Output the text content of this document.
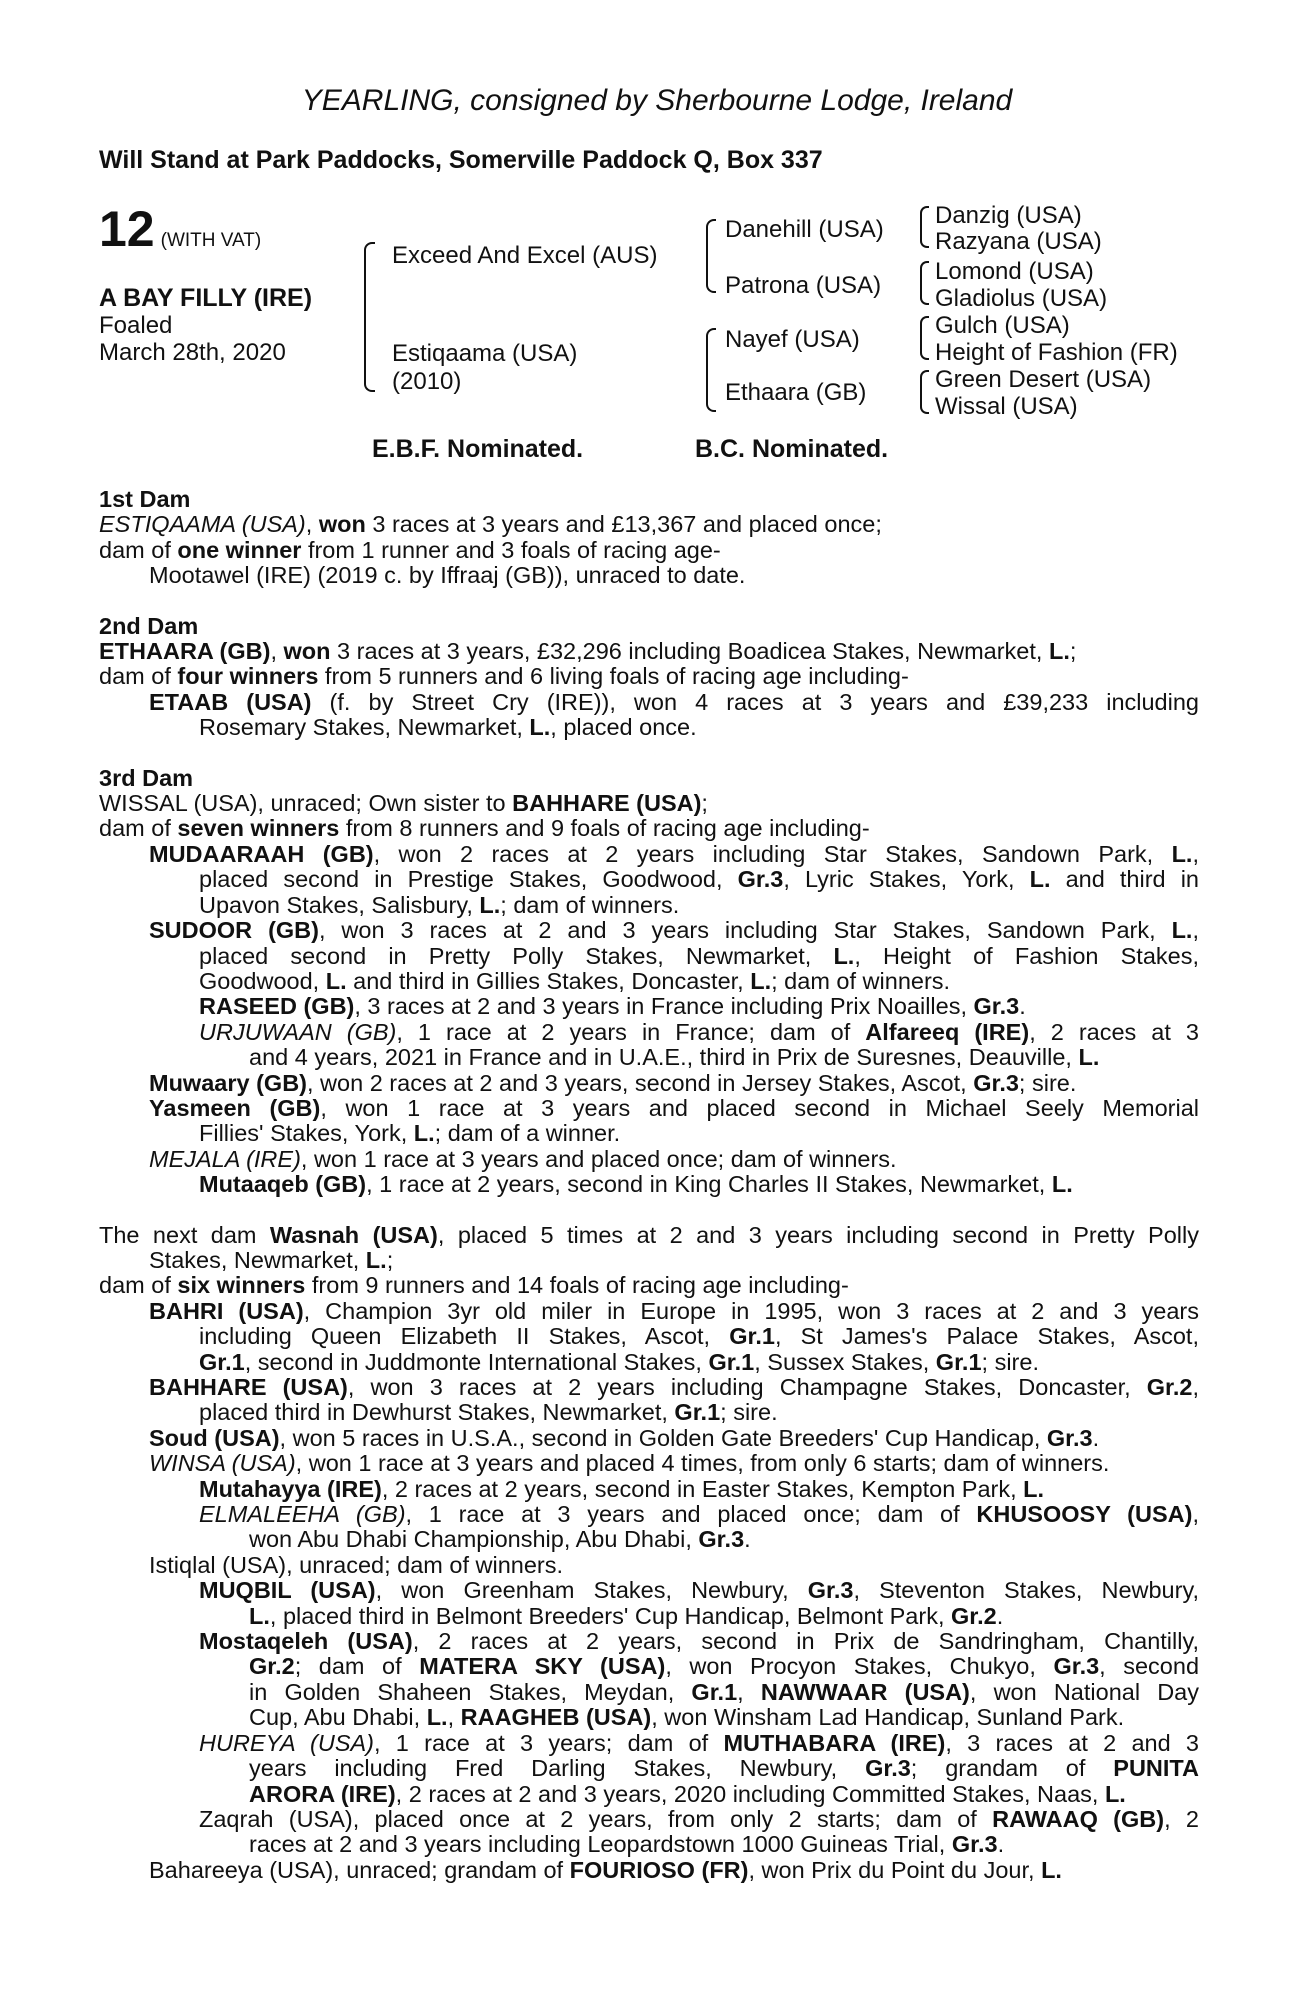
YEARLING, consigned by Sherbourne Lodge, Ireland
Will Stand at Park Paddocks, Somerville Paddock Q, Box 337
12 (WITH VAT)
A BAY FILLY (IRE)
Foaled
March 28th, 2020
Exceed And Excel (AUS)
Estiqaama (USA)
(2010)
Danehill (USA)
Patrona (USA)
Nayef (USA)
Ethaara (GB)
Danzig (USA)
Razyana (USA)
Lomond (USA)
Gladiolus (USA)
Gulch (USA)
Height of Fashion (FR)
Green Desert (USA)
Wissal (USA)
E.B.F. Nominated.	B.C. Nominated.
1st Dam
ESTIQAAMA (USA), won 3 races at 3 years and £13,367 and placed once;
dam of one winner from 1 runner and 3 foals of racing age-
Mootawel (IRE) (2019 c. by Iffraaj (GB)), unraced to date.
2nd Dam
ETHAARA (GB), won 3 races at 3 years, £32,296 including Boadicea Stakes, Newmarket, L.;
dam of four winners from 5 runners and 6 living foals of racing age including-
ETAAB (USA) (f. by Street Cry (IRE)), won 4 races at 3 years and £39,233 including
Rosemary Stakes, Newmarket, L., placed once.
3rd Dam
WISSAL (USA), unraced; Own sister to BAHHARE (USA);
dam of seven winners from 8 runners and 9 foals of racing age including-
MUDAARAAH (GB), won 2 races at 2 years including Star Stakes, Sandown Park, L.,
placed second in Prestige Stakes, Goodwood, Gr.3, Lyric Stakes, York, L. and third in
Upavon Stakes, Salisbury, L.; dam of winners.
SUDOOR (GB), won 3 races at 2 and 3 years including Star Stakes, Sandown Park, L.,
placed second in Pretty Polly Stakes, Newmarket, L., Height of Fashion Stakes,
Goodwood, L. and third in Gillies Stakes, Doncaster, L.; dam of winners.
RASEED (GB), 3 races at 2 and 3 years in France including Prix Noailles, Gr.3.
URJUWAAN (GB), 1 race at 2 years in France; dam of Alfareeq (IRE), 2 races at 3
and 4 years, 2021 in France and in U.A.E., third in Prix de Suresnes, Deauville, L.
Muwaary (GB), won 2 races at 2 and 3 years, second in Jersey Stakes, Ascot, Gr.3; sire.
Yasmeen (GB), won 1 race at 3 years and placed second in Michael Seely Memorial
Fillies' Stakes, York, L.; dam of a winner.
MEJALA (IRE), won 1 race at 3 years and placed once; dam of winners.
Mutaaqeb (GB), 1 race at 2 years, second in King Charles II Stakes, Newmarket, L.
The next dam Wasnah (USA), placed 5 times at 2 and 3 years including second in Pretty Polly
Stakes, Newmarket, L.;
dam of six winners from 9 runners and 14 foals of racing age including-
BAHRI (USA), Champion 3yr old miler in Europe in 1995, won 3 races at 2 and 3 years
including Queen Elizabeth II Stakes, Ascot, Gr.1, St James's Palace Stakes, Ascot,
Gr.1, second in Juddmonte International Stakes, Gr.1, Sussex Stakes, Gr.1; sire.
BAHHARE (USA), won 3 races at 2 years including Champagne Stakes, Doncaster, Gr.2,
placed third in Dewhurst Stakes, Newmarket, Gr.1; sire.
Soud (USA), won 5 races in U.S.A., second in Golden Gate Breeders' Cup Handicap, Gr.3.
WINSA (USA), won 1 race at 3 years and placed 4 times, from only 6 starts; dam of winners.
Mutahayya (IRE), 2 races at 2 years, second in Easter Stakes, Kempton Park, L.
ELMALEEHA (GB), 1 race at 3 years and placed once; dam of KHUSOOSY (USA),
won Abu Dhabi Championship, Abu Dhabi, Gr.3.
Istiqlal (USA), unraced; dam of winners.
MUQBIL (USA), won Greenham Stakes, Newbury, Gr.3, Steventon Stakes, Newbury,
L., placed third in Belmont Breeders' Cup Handicap, Belmont Park, Gr.2.
Mostaqeleh (USA), 2 races at 2 years, second in Prix de Sandringham, Chantilly,
Gr.2; dam of MATERA SKY (USA), won Procyon Stakes, Chukyo, Gr.3, second
in Golden Shaheen Stakes, Meydan, Gr.1, NAWWAAR (USA), won National Day
Cup, Abu Dhabi, L., RAAGHEB (USA), won Winsham Lad Handicap, Sunland Park.
HUREYA (USA), 1 race at 3 years; dam of MUTHABARA (IRE), 3 races at 2 and 3
years including Fred Darling Stakes, Newbury, Gr.3; grandam of PUNITA
ARORA (IRE), 2 races at 2 and 3 years, 2020 including Committed Stakes, Naas, L.
Zaqrah (USA), placed once at 2 years, from only 2 starts; dam of RAWAAQ (GB), 2
races at 2 and 3 years including Leopardstown 1000 Guineas Trial, Gr.3.
Bahareeya (USA), unraced; grandam of FOURIOSO (FR), won Prix du Point du Jour, L.
